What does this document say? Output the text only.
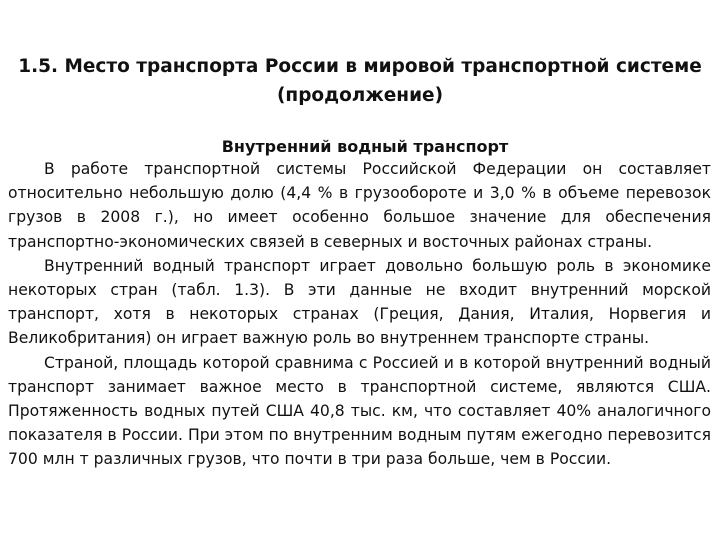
1.5. Место транспорта России в мировой транспортной системе
(продолжение)
Внутренний водный транспорт

В работе транспортной системы Российской Федерации он составляет относительно небольшую долю (4,4 % в грузообороте и 3,0 % в объеме перевозок грузов в 2008 г.), но имеет особенно большое значение для обеспечения транспортно-экономических связей в северных и восточных районах страны.

Внутренний водный транспорт играет довольно большую роль в экономике некоторых стран (табл. 1.3). В эти данные не входит внутренний морской транспорт, хотя в некоторых странах (Греция, Дания, Италия, Норвегия и Великобритания) он играет важную роль во внутреннем транспорте страны.

Страной, площадь которой сравнима с Россией и в которой внутренний водный транспорт занимает важное место в транспортной системе, являются США. Протяженность водных путей США 40,8 тыс. км, что составляет 40% аналогичного показателя в России. При этом по внутренним водным путям ежегодно перевозится 700 млн т различных грузов, что почти в три раза больше, чем в России.
